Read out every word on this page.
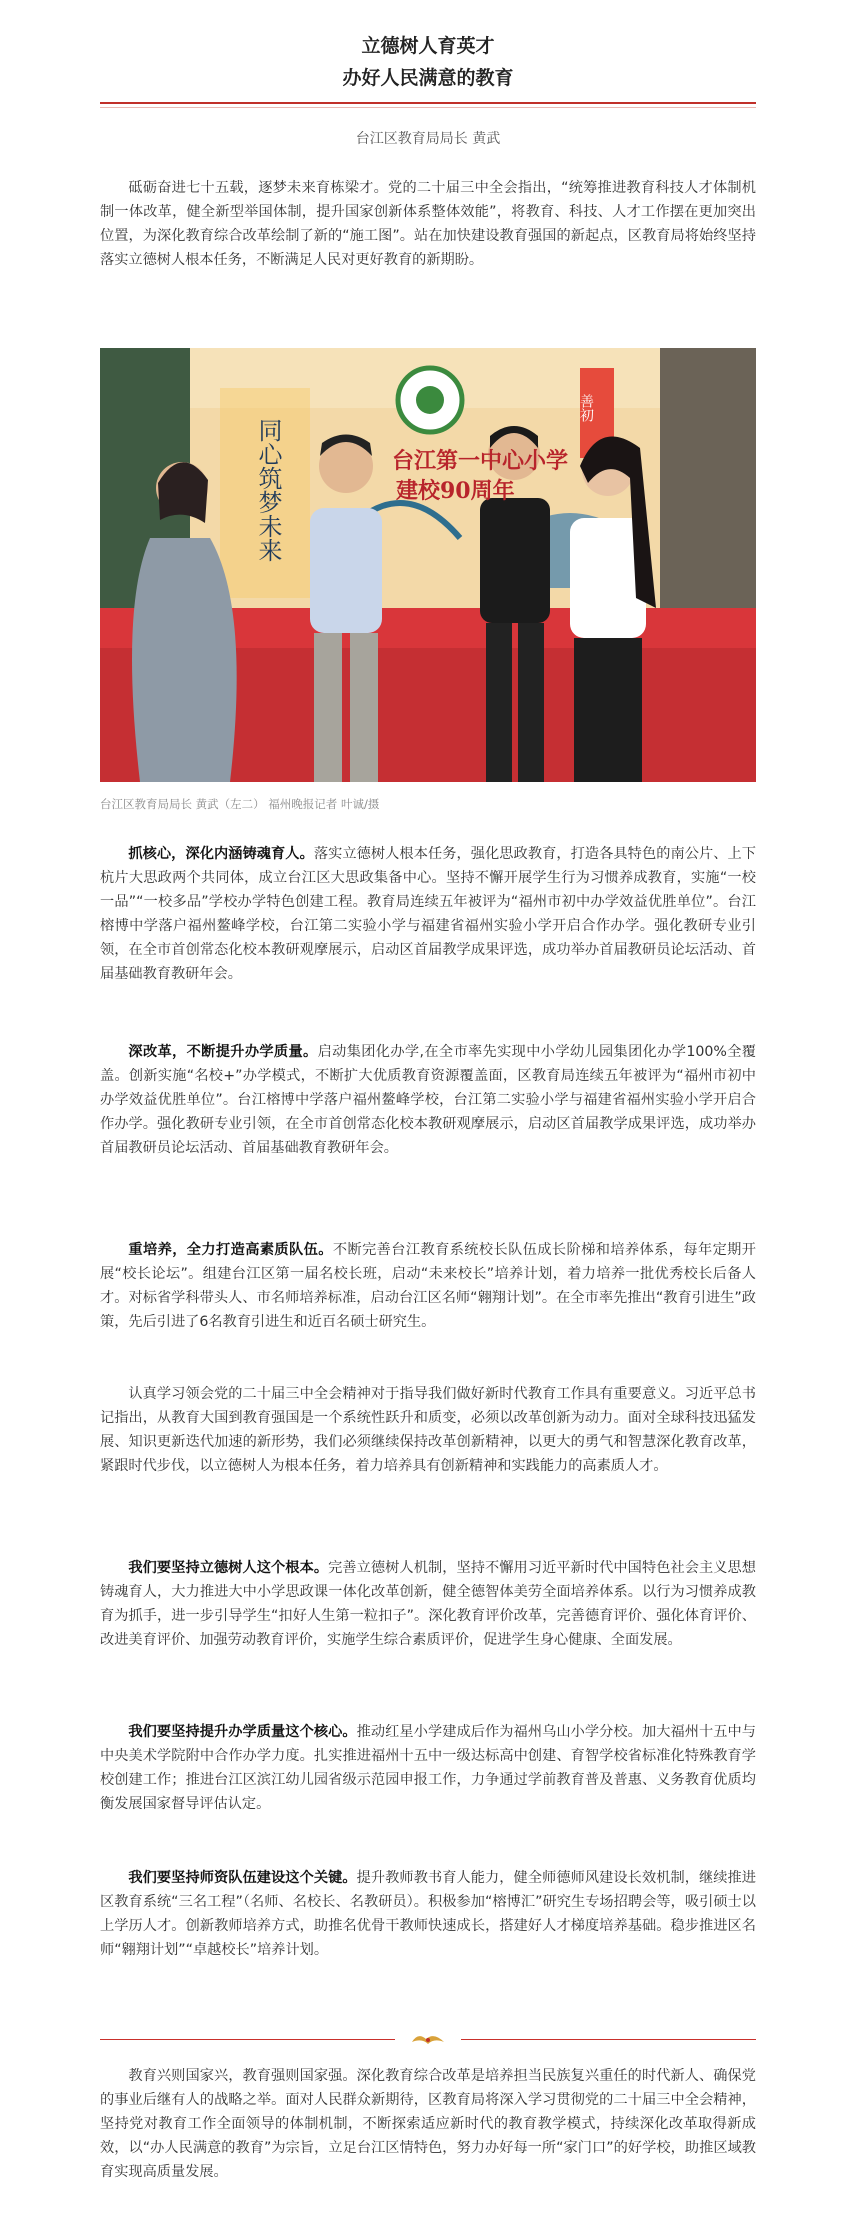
立德树人育英才
办好人民满意的教育
台江区教育局局长 黄武
砥砺奋进七十五载，逐梦未来育栋梁才。党的二十届三中全会指出，“统筹推进教育科技人才体制机制一体改革，健全新型举国体制，提升国家创新体系整体效能”，将教育、科技、人才工作摆在更加突出位置，为深化教育综合改革绘制了新的“施工图”。站在加快建设教育强国的新起点，区教育局将始终坚持落实立德树人根本任务，不断满足人民对更好教育的新期盼。
同心筑梦未来	台江第一中心小学
建校90周年
善初
台江区教育局局长 黄武（左二） 福州晚报记者 叶诚/摄
抓核心，深化内涵铸魂育人。落实立德树人根本任务，强化思政教育，打造各具特色的南公片、上下杭片大思政两个共同体，成立台江区大思政集备中心。坚持不懈开展学生行为习惯养成教育，实施“一校一品”“一校多品”学校办学特色创建工程。教育局连续五年被评为“福州市初中办学效益优胜单位”。台江榕博中学落户福州鳌峰学校，台江第二实验小学与福建省福州实验小学开启合作办学。强化教研专业引领，在全市首创常态化校本教研观摩展示，启动区首届教学成果评选，成功举办首届教研员论坛活动、首届基础教育教研年会。
深改革，不断提升办学质量。启动集团化办学,在全市率先实现中小学幼儿园集团化办学100%全覆盖。创新实施“名校+”办学模式，不断扩大优质教育资源覆盖面，区教育局连续五年被评为“福州市初中办学效益优胜单位”。台江榕博中学落户福州鳌峰学校，台江第二实验小学与福建省福州实验小学开启合作办学。强化教研专业引领，在全市首创常态化校本教研观摩展示，启动区首届教学成果评选，成功举办首届教研员论坛活动、首届基础教育教研年会。
重培养，全力打造高素质队伍。不断完善台江教育系统校长队伍成长阶梯和培养体系，每年定期开展“校长论坛”。组建台江区第一届名校长班，启动“未来校长”培养计划，着力培养一批优秀校长后备人才。对标省学科带头人、市名师培养标准，启动台江区名师“翱翔计划”。在全市率先推出“教育引进生”政策，先后引进了6名教育引进生和近百名硕士研究生。
认真学习领会党的二十届三中全会精神对于指导我们做好新时代教育工作具有重要意义。习近平总书记指出，从教育大国到教育强国是一个系统性跃升和质变，必须以改革创新为动力。面对全球科技迅猛发展、知识更新迭代加速的新形势，我们必须继续保持改革创新精神，以更大的勇气和智慧深化教育改革，紧跟时代步伐，以立德树人为根本任务，着力培养具有创新精神和实践能力的高素质人才。
我们要坚持立德树人这个根本。完善立德树人机制，坚持不懈用习近平新时代中国特色社会主义思想铸魂育人，大力推进大中小学思政课一体化改革创新，健全德智体美劳全面培养体系。以行为习惯养成教育为抓手，进一步引导学生“扣好人生第一粒扣子”。深化教育评价改革，完善德育评价、强化体育评价、改进美育评价、加强劳动教育评价，实施学生综合素质评价，促进学生身心健康、全面发展。
我们要坚持提升办学质量这个核心。推动红星小学建成后作为福州乌山小学分校。加大福州十五中与中央美术学院附中合作办学力度。扎实推进福州十五中一级达标高中创建、育智学校省标准化特殊教育学校创建工作；推进台江区滨江幼儿园省级示范园申报工作，力争通过学前教育普及普惠、义务教育优质均衡发展国家督导评估认定。
我们要坚持师资队伍建设这个关键。提升教师教书育人能力，健全师德师风建设长效机制，继续推进区教育系统“三名工程”（名师、名校长、名教研员）。积极参加“榕博汇”研究生专场招聘会等，吸引硕士以上学历人才。创新教师培养方式，助推名优骨干教师快速成长，搭建好人才梯度培养基础。稳步推进区名师“翱翔计划”“卓越校长”培养计划。
教育兴则国家兴，教育强则国家强。深化教育综合改革是培养担当民族复兴重任的时代新人、确保党的事业后继有人的战略之举。面对人民群众新期待，区教育局将深入学习贯彻党的二十届三中全会精神，坚持党对教育工作全面领导的体制机制，不断探索适应新时代的教育教学模式，持续深化改革取得新成效，以“办人民满意的教育”为宗旨，立足台江区情特色，努力办好每一所“家门口”的好学校，助推区域教育实现高质量发展。
